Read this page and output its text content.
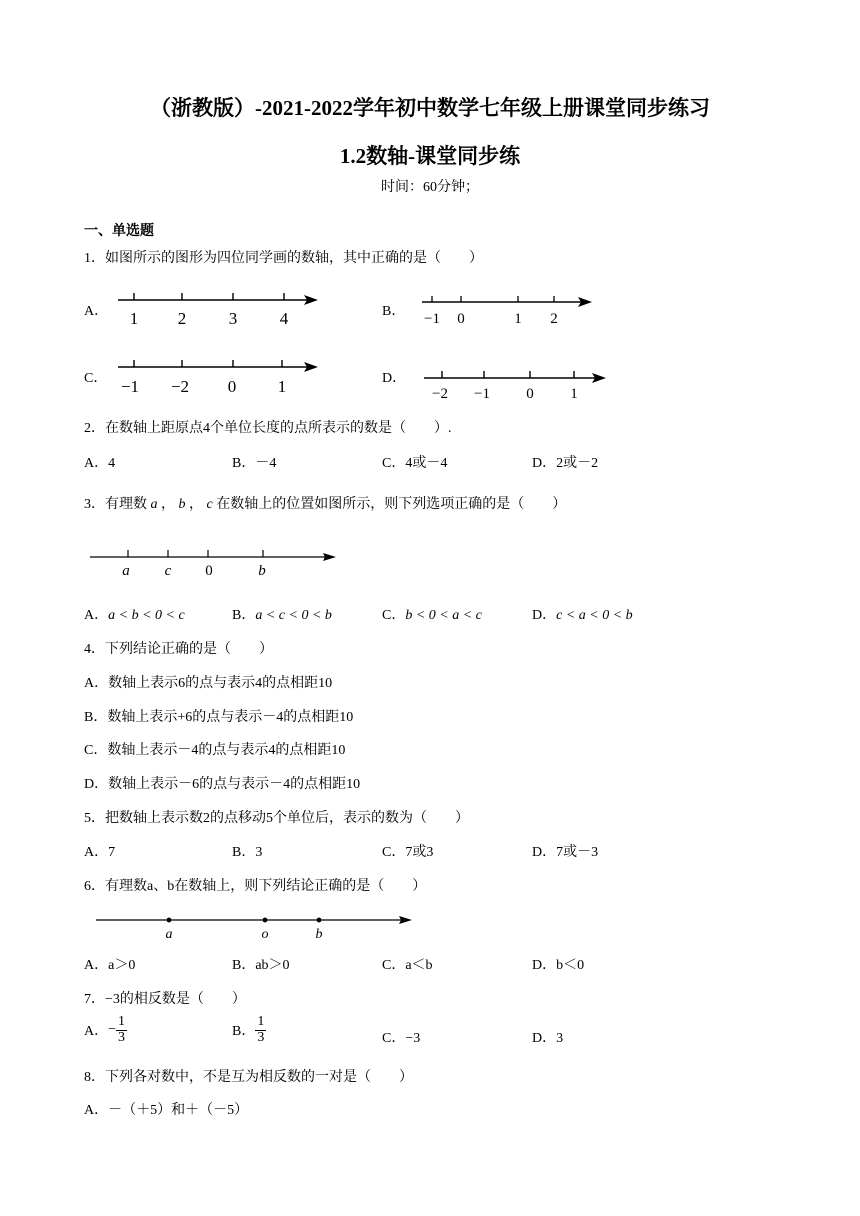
（浙教版）-2021-2022学年初中数学七年级上册课堂同步练习
1.2数轴-课堂同步练
时间：60分钟；
一、单选题
1．如图所示的图形为四位同学画的数轴，其中正确的是（　　）
A． 1 2	3	4	B． −1 0	1 2
C． −1 −2 0 1	D．
−2 −1 0 1
2．在数轴上距原点4个单位长度的点所表示的数是（　　）.
A．4	B．－4	C．4或－4	D．2或－2
3．有理数 a ， b ， c 在数轴上的位置如图所示，则下列选项正确的是（　　）
a c 0	b
A．a < b < 0 < c	B．a < c < 0 < b	C．b < 0 < a < c	D．c < a < 0 < b
4．下列结论正确的是（　　）
A．数轴上表示6的点与表示4的点相距10
B．数轴上表示+6的点与表示－4的点相距10
C．数轴上表示－4的点与表示4的点相距10
D．数轴上表示－6的点与表示－4的点相距10
5．把数轴上表示数2的点移动5个单位后，表示的数为（　　）
A．7	B．3	C．7或3	D．7或－3
6．有理数a、b在数轴上，则下列结论正确的是（　　）
a	o	b
A．a＞0	B．ab＞0	C．a＜b	D．b＜0
7．−3的相反数是（　　）
A． − $\frac{1}{3}$	B． $\frac{1}{3}$	C．−3	D．3
8．下列各对数中，不是互为相反数的一对是（　　）
A．－（＋5）和＋（－5）
